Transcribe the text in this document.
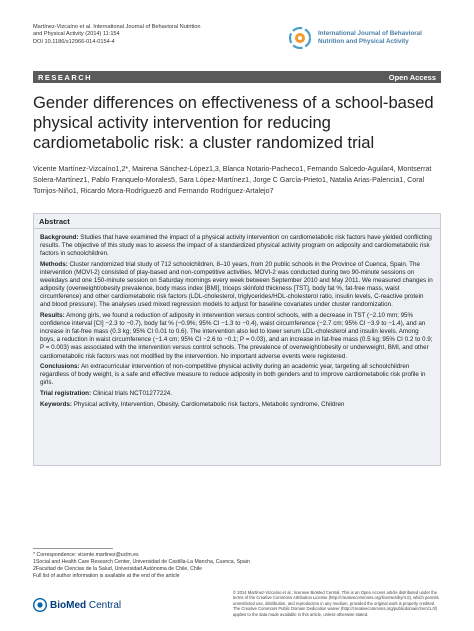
Martínez-Vizcaíno et al. International Journal of Behavioral Nutrition
and Physical Activity (2014) 11:154
DOI 10.1186/s12966-014-0154-4
International Journal of Behavioral
Nutrition and Physical Activity
RESEARCH	Open Access
Gender differences on effectiveness of a school-based physical activity intervention for reducing cardiometabolic risk: a cluster randomized trial
Vicente Martínez-Vizcaíno1,2*, Mairena Sánchez-López1,3, Blanca Notario-Pacheco1, Fernando Salcedo-Aguilar4, Montserrat Solera-Martínez1, Pablo Franquelo-Morales5, Sara López-Martínez1, Jorge C García-Prieto1, Natalia Arias-Palencia1, Coral Torrijos-Niño1, Ricardo Mora-Rodríguez6 and Fernando Rodríguez-Artalejo7
Abstract

Background: Studies that have examined the impact of a physical activity intervention on cardiometabolic risk factors have yielded conflicting results. The objective of this study was to assess the impact of a standardized physical activity program on adiposity and cardiometabolic risk factors in schoolchildren.

Methods: Cluster randomized trial study of 712 schoolchildren, 8–10 years, from 20 public schools in the Province of Cuenca, Spain. The intervention (MOVI-2) consisted of play-based and non-competitive activities. MOVI-2 was conducted during two 90-minute sessions on weekdays and one 150-minute session on Saturday mornings every week between September 2010 and May 2011. We measured changes in adiposity (overweight/obesity prevalence, body mass index [BMI], triceps skinfold thickness [TST], body fat %, fat-free mass, waist circumference) and other cardiometabolic risk factors (LDL-cholesterol, triglycerides/HDL-cholesterol ratio, insulin levels, C-reactive protein and blood pressure). The analyses used mixed regression models to adjust for baseline covariates under cluster randomization.

Results: Among girls, we found a reduction of adiposity in intervention versus control schools, with a decrease in TST (−2.10 mm; 95% confidence interval [CI] −2.3 to −0.7), body fat % (−0.9%; 95% CI −1.3 to −0.4), waist circumference (−2.7 cm; 95% CI −3.9 to −1.4), and an increase in fat-free mass (0.3 kg; 95% CI 0.01 to 0.6). The intervention also led to lower serum LDL-cholesterol and insulin levels. Among boys, a reduction in waist circumference (−1.4 cm; 95% CI −2.6 to −0.1; P = 0.03), and an increase in fat-free mass (0.5 kg; 95% CI 0.2 to 0.9; P = 0.003) was associated with the intervention versus control schools. The prevalence of overweight/obesity or underweight, BMI, and other cardiometabolic risk factors was not modified by the intervention. No important adverse events were registered.

Conclusions: An extracurricular intervention of non-competitive physical activity during an academic year, targeting all schoolchildren regardless of body weight, is a safe and effective measure to reduce adiposity in both genders and to improve cardiometabolic risk profile in girls.

Trial registration: Clinical trials NCT01277224.

Keywords: Physical activity, Intervention, Obesity, Cardiometabolic risk factors, Metabolic syndrome, Children

* Correspondence: vicente.martinez@uclm.es
1Social and Health Care Research Center, Universidad de Castilla-La Mancha, Cuenca, Spain
2Facultad de Ciencias de la Salud, Universidad Autónoma de Chile, Chile
Full list of author information is available at the end of the article
BioMed Central
© 2014 Martínez-Vizcaíno et al.; licensee BioMed Central. This is an Open Access article distributed under the terms of the Creative Commons Attribution License (http://creativecommons.org/licenses/by/4.0), which permits unrestricted use, distribution, and reproduction in any medium, provided the original work is properly credited. The Creative Commons Public Domain Dedication waiver (http://creativecommons.org/publicdomain/zero/1.0/) applies to the data made available in this article, unless otherwise stated.
